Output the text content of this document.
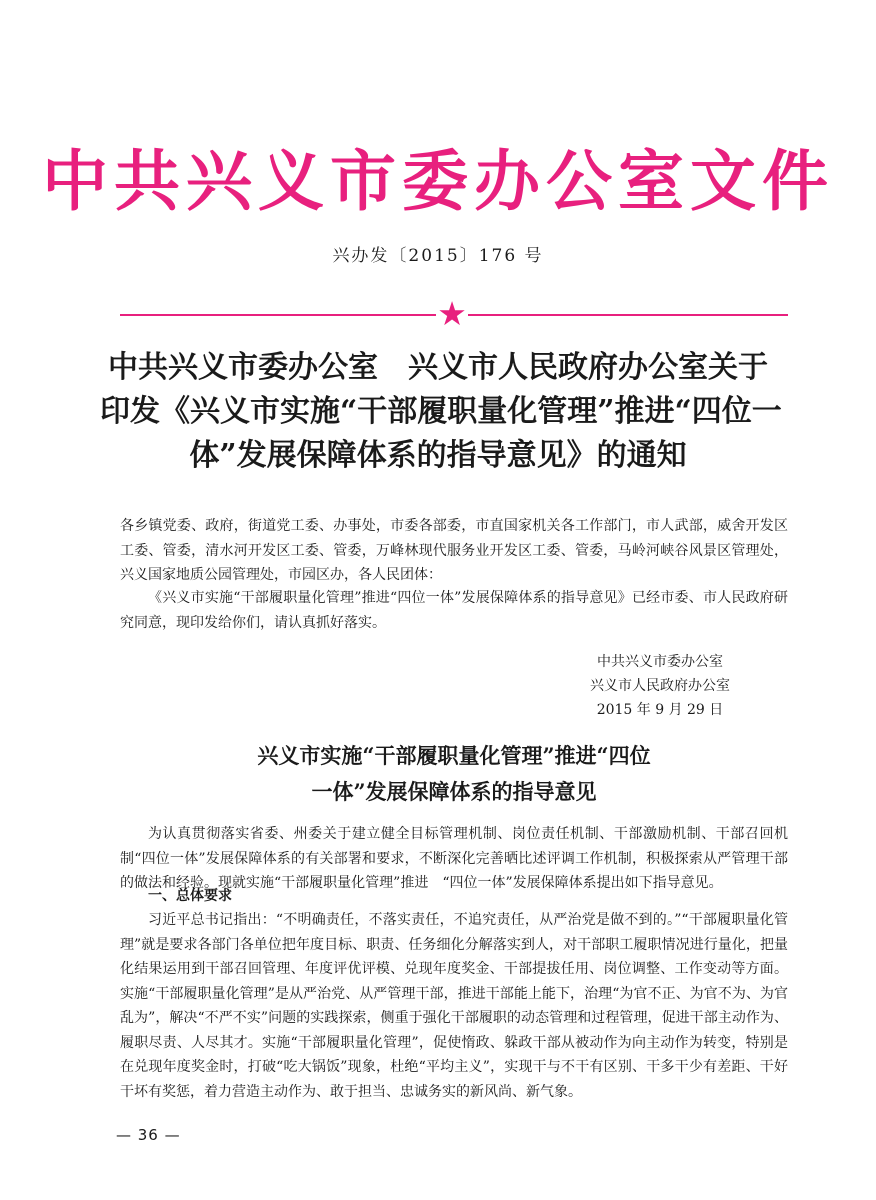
中共兴义市委办公室文件
兴办发〔2015〕176 号
★
中共兴义市委办公室　兴义市人民政府办公室关于
印发《兴义市实施“干部履职量化管理”推进“四位一
体”发展保障体系的指导意见》的通知
各乡镇党委、政府，街道党工委、办事处，市委各部委，市直国家机关各工作部门，市人武部，威舍开发区工委、管委，清水河开发区工委、管委，万峰林现代服务业开发区工委、管委，马岭河峡谷风景区管理处，兴义国家地质公园管理处，市园区办，各人民团体：
《兴义市实施“干部履职量化管理”推进“四位一体”发展保障体系的指导意见》已经市委、市人民政府研究同意，现印发给你们，请认真抓好落实。
中共兴义市委办公室
兴义市人民政府办公室
2015 年 9 月 29 日
兴义市实施“干部履职量化管理”推进“四位
一体”发展保障体系的指导意见
为认真贯彻落实省委、州委关于建立健全目标管理机制、岗位责任机制、干部激励机制、干部召回机制“四位一体”发展保障体系的有关部署和要求，不断深化完善晒比述评调工作机制，积极探索从严管理干部的做法和经验。现就实施“干部履职量化管理”推进　“四位一体”发展保障体系提出如下指导意见。
一、总体要求
习近平总书记指出：“不明确责任，不落实责任，不追究责任，从严治党是做不到的。”“干部履职量化管理”就是要求各部门各单位把年度目标、职责、任务细化分解落实到人，对干部职工履职情况进行量化，把量化结果运用到干部召回管理、年度评优评模、兑现年度奖金、干部提拔任用、岗位调整、工作变动等方面。实施“干部履职量化管理”是从严治党、从严管理干部，推进干部能上能下，治理“为官不正、为官不为、为官乱为”，解决“不严不实”问题的实践探索，侧重于强化干部履职的动态管理和过程管理，促进干部主动作为、履职尽责、人尽其才。实施“干部履职量化管理”，促使惰政、躲政干部从被动作为向主动作为转变，特别是在兑现年度奖金时，打破“吃大锅饭”现象，杜绝“平均主义”，实现干与不干有区别、干多干少有差距、干好干坏有奖惩，着力营造主动作为、敢于担当、忠诚务实的新风尚、新气象。
— 36 —
